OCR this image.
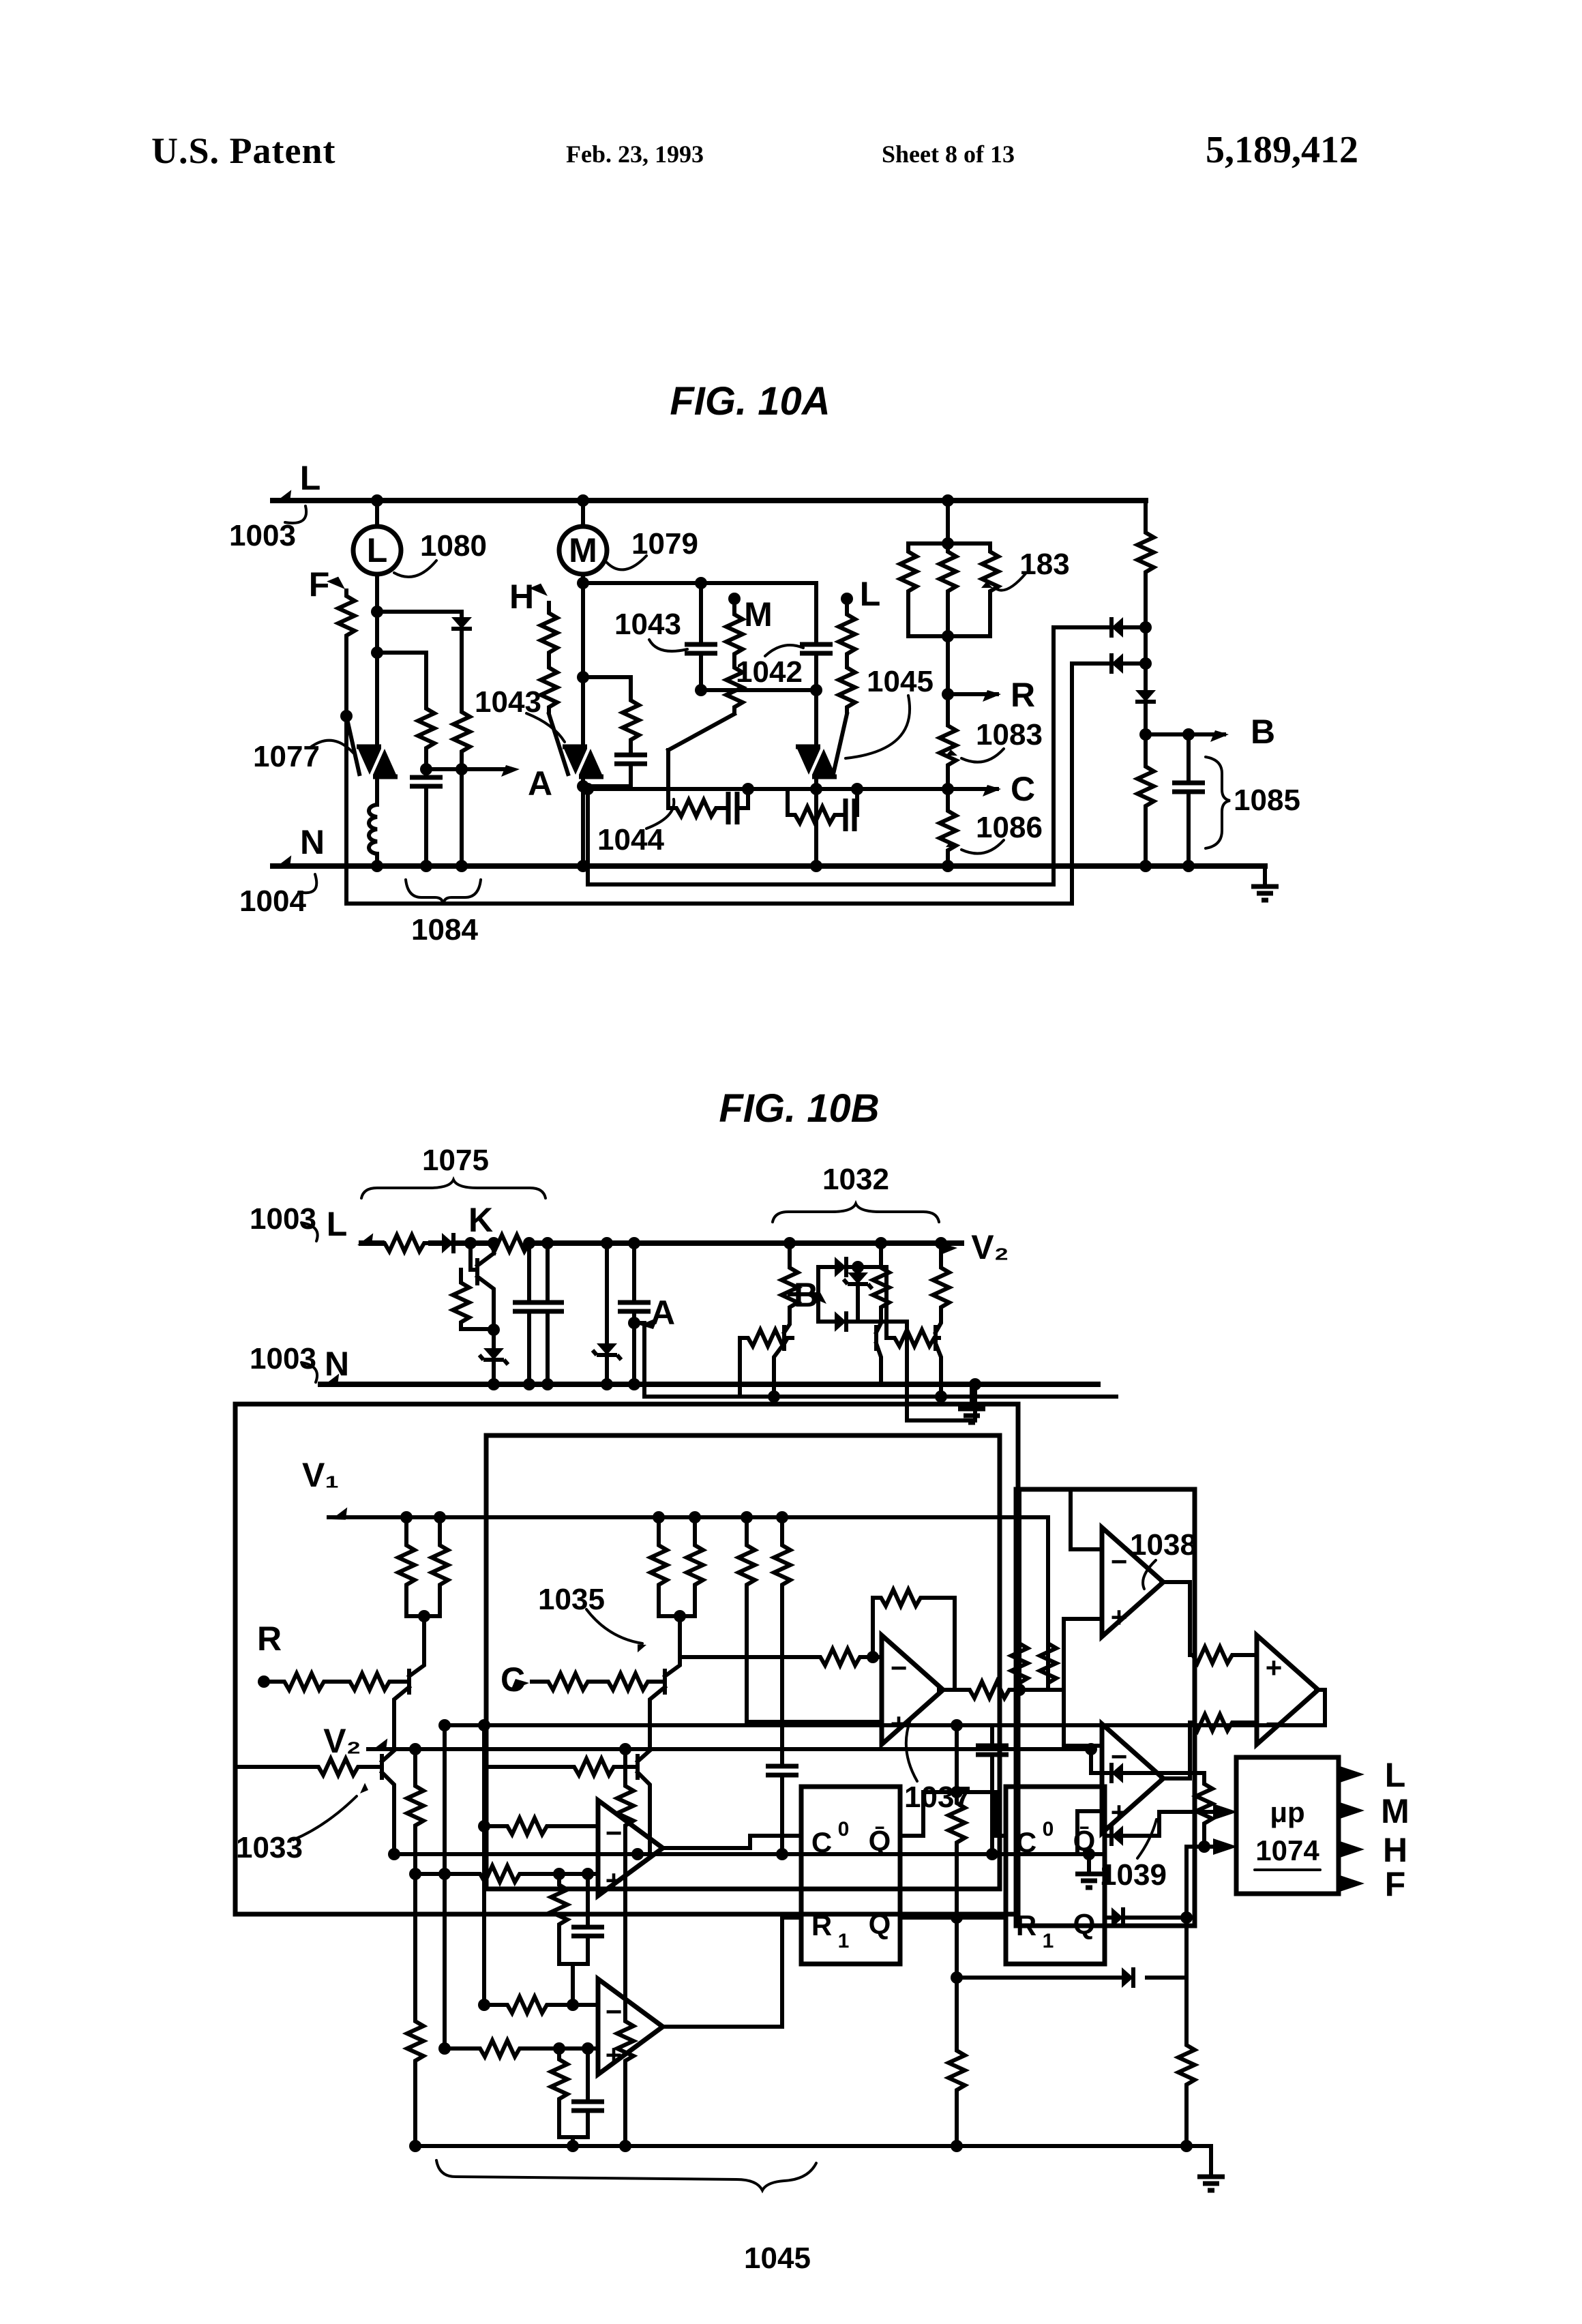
U.S. Patent	Feb. 23, 1993	Sheet 8 of 13	5,189,412
FIG. 10A
L
1003 L 1080
F
M 1079
H
1043 M
1042
L
183
1045 R
1083
C
1086
B
1085
1077
1043
A
1044
N
1004
1084
FIG. 10B
1075
1003 L	K
1032
B
V₂
1003 N
A
V₁
R
1035
C
1033
1037
1038
1039
V₂
1045
−
+
−
+
−
+
+
−
−
+
−
+
C 0 Q̄
R 1
Q
C 0 Q̄
R 1
Q
μp
1074
L
M
H
F
